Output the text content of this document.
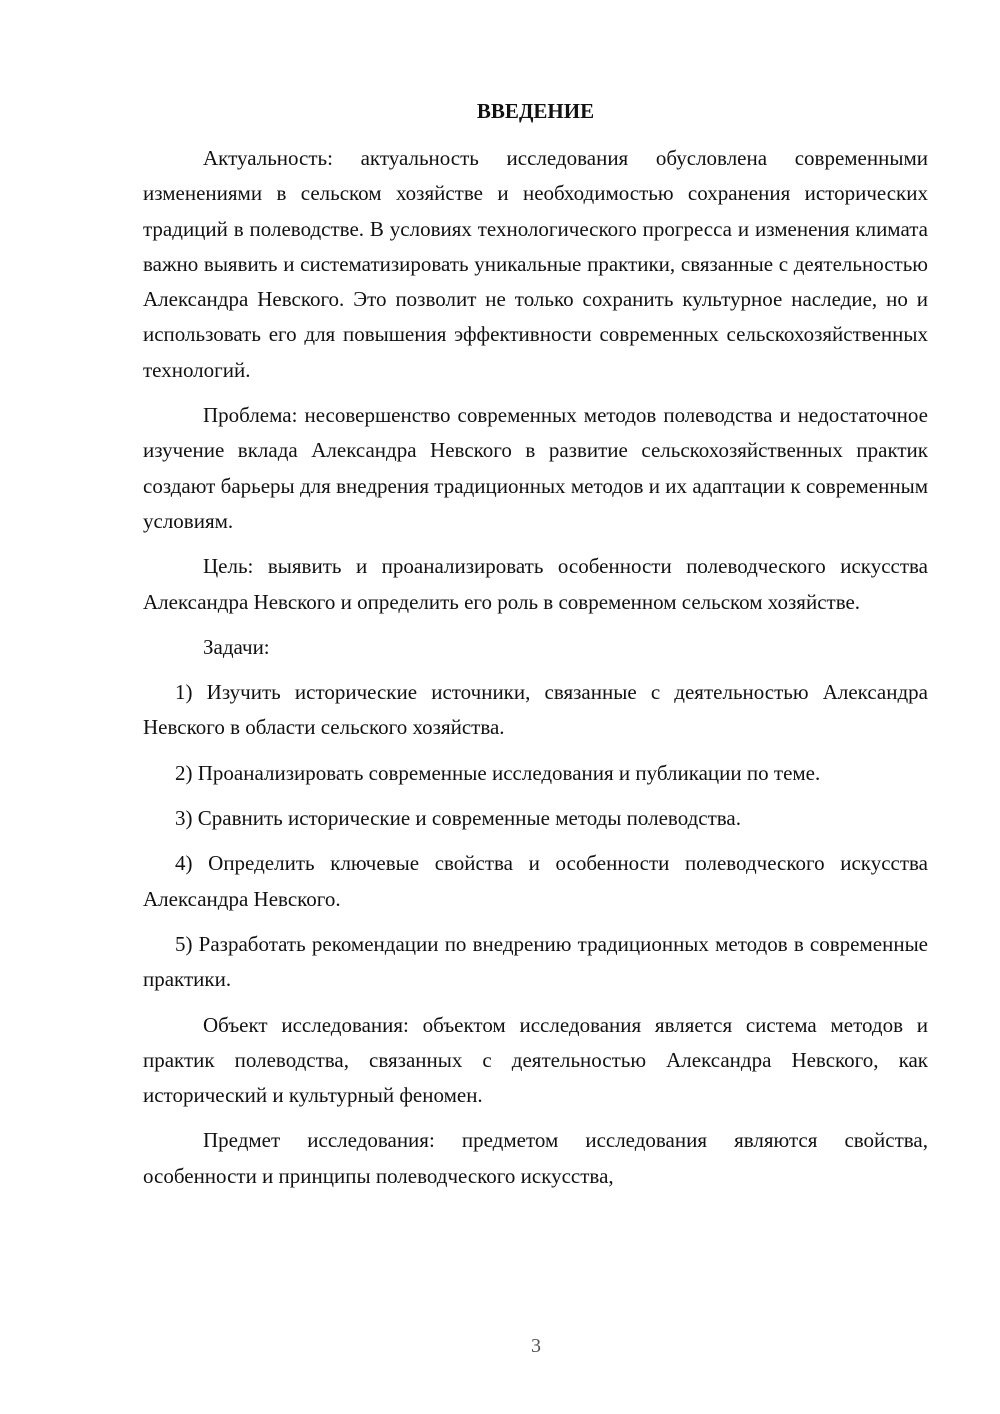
ВВЕДЕНИЕ

Актуальность: актуальность исследования обусловлена современными изменениями в сельском хозяйстве и необходимостью сохранения исторических традиций в полеводстве. В условиях технологического прогресса и изменения климата важно выявить и систематизировать уникальные практики, связанные с деятельностью Александра Невского. Это позволит не только сохранить культурное наследие, но и использовать его для повышения эффективности современных сельскохозяйственных технологий.

Проблема: несовершенство современных методов полеводства и недостаточное изучение вклада Александра Невского в развитие сельскохозяйственных практик создают барьеры для внедрения традиционных методов и их адаптации к современным условиям.

Цель: выявить и проанализировать особенности полеводческого искусства Александра Невского и определить его роль в современном сельском хозяйстве.

Задачи:

1) Изучить исторические источники, связанные с деятельностью Александра Невского в области сельского хозяйства.

2) Проанализировать современные исследования и публикации по теме.

3) Сравнить исторические и современные методы полеводства.

4) Определить ключевые свойства и особенности полеводческого искусства Александра Невского.

5) Разработать рекомендации по внедрению традиционных методов в современные практики.

Объект исследования: объектом исследования является система методов и практик полеводства, связанных с деятельностью Александра Невского, как исторический и культурный феномен.

Предмет исследования: предметом исследования являются свойства, особенности и принципы полеводческого искусства,

3
